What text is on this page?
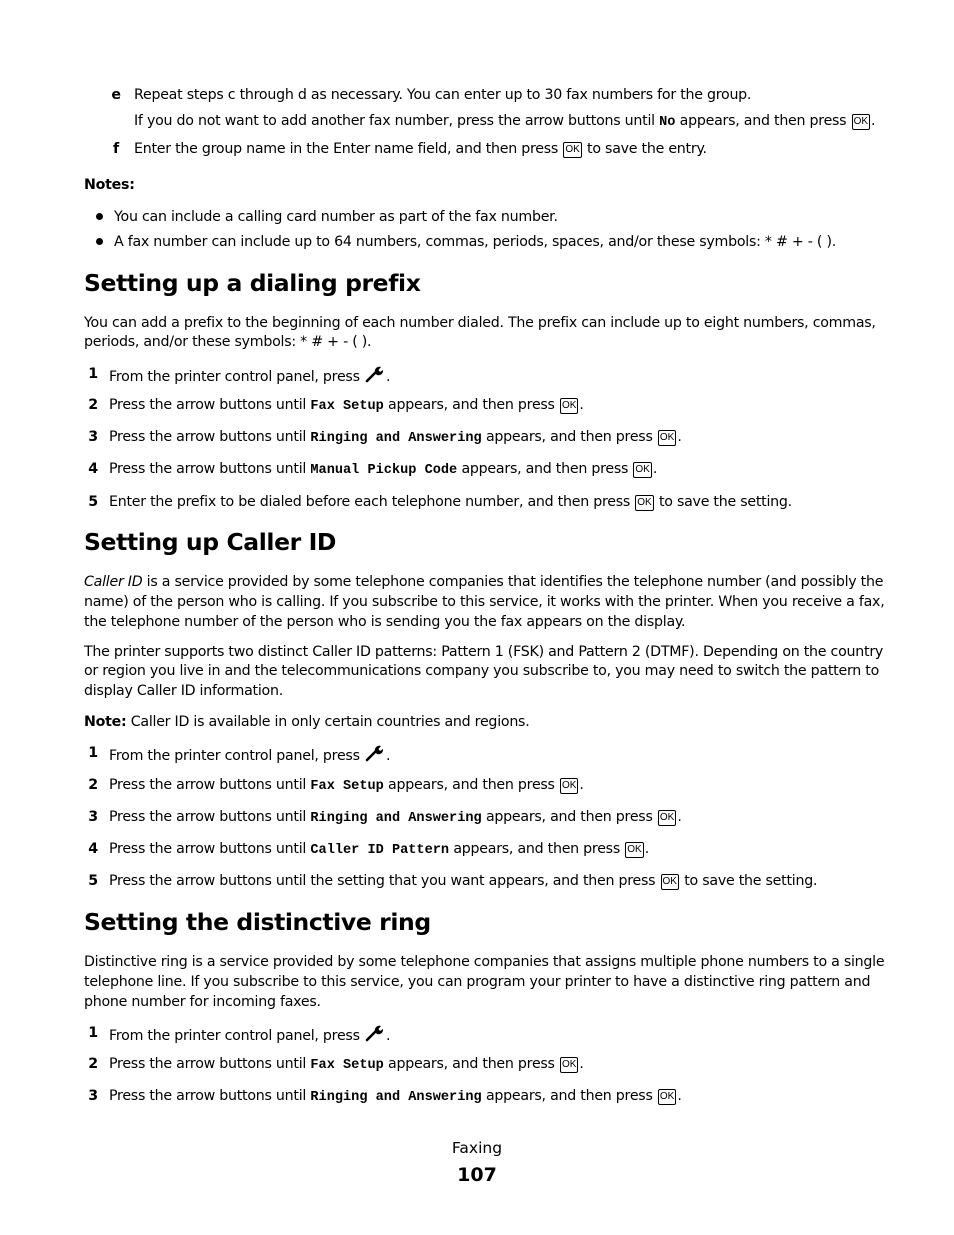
e Repeat steps c through d as necessary. You can enter up to 30 fax numbers for the group.
If you do not want to add another fax number, press the arrow buttons until No appears, and then press OK .
f Enter the group name in the Enter name field, and then press OK to save the entry.
Notes:
You can include a calling card number as part of the fax number.
A fax number can include up to 64 numbers, commas, periods, spaces, and/or these symbols: * # + - ( ).
Setting up a dialing prefix
You can add a prefix to the beginning of each number dialed. The prefix can include up to eight numbers, commas,
periods, and/or these symbols: * # + - ( ).
1 From the printer control panel, press .
2 Press the arrow buttons until Fax Setup appears, and then press OK .
3 Press the arrow buttons until Ringing and Answering appears, and then press OK .
4 Press the arrow buttons until Manual Pickup Code appears, and then press OK .
5 Enter the prefix to be dialed before each telephone number, and then press OK to save the setting.
Setting up Caller ID
Caller ID is a service provided by some telephone companies that identifies the telephone number (and possibly the
name) of the person who is calling. If you subscribe to this service, it works with the printer. When you receive a fax,
the telephone number of the person who is sending you the fax appears on the display.
The printer supports two distinct Caller ID patterns: Pattern 1 (FSK) and Pattern 2 (DTMF). Depending on the country
or region you live in and the telecommunications company you subscribe to, you may need to switch the pattern to
display Caller ID information.
Note: Caller ID is available in only certain countries and regions.
1 From the printer control panel, press .
2 Press the arrow buttons until Fax Setup appears, and then press OK .
3 Press the arrow buttons until Ringing and Answering appears, and then press OK .
4 Press the arrow buttons until Caller ID Pattern appears, and then press OK .
5 Press the arrow buttons until the setting that you want appears, and then press OK to save the setting.
Setting the distinctive ring
Distinctive ring is a service provided by some telephone companies that assigns multiple phone numbers to a single
telephone line. If you subscribe to this service, you can program your printer to have a distinctive ring pattern and
phone number for incoming faxes.
1 From the printer control panel, press .
2 Press the arrow buttons until Fax Setup appears, and then press OK .
3 Press the arrow buttons until Ringing and Answering appears, and then press OK .
Faxing
107
